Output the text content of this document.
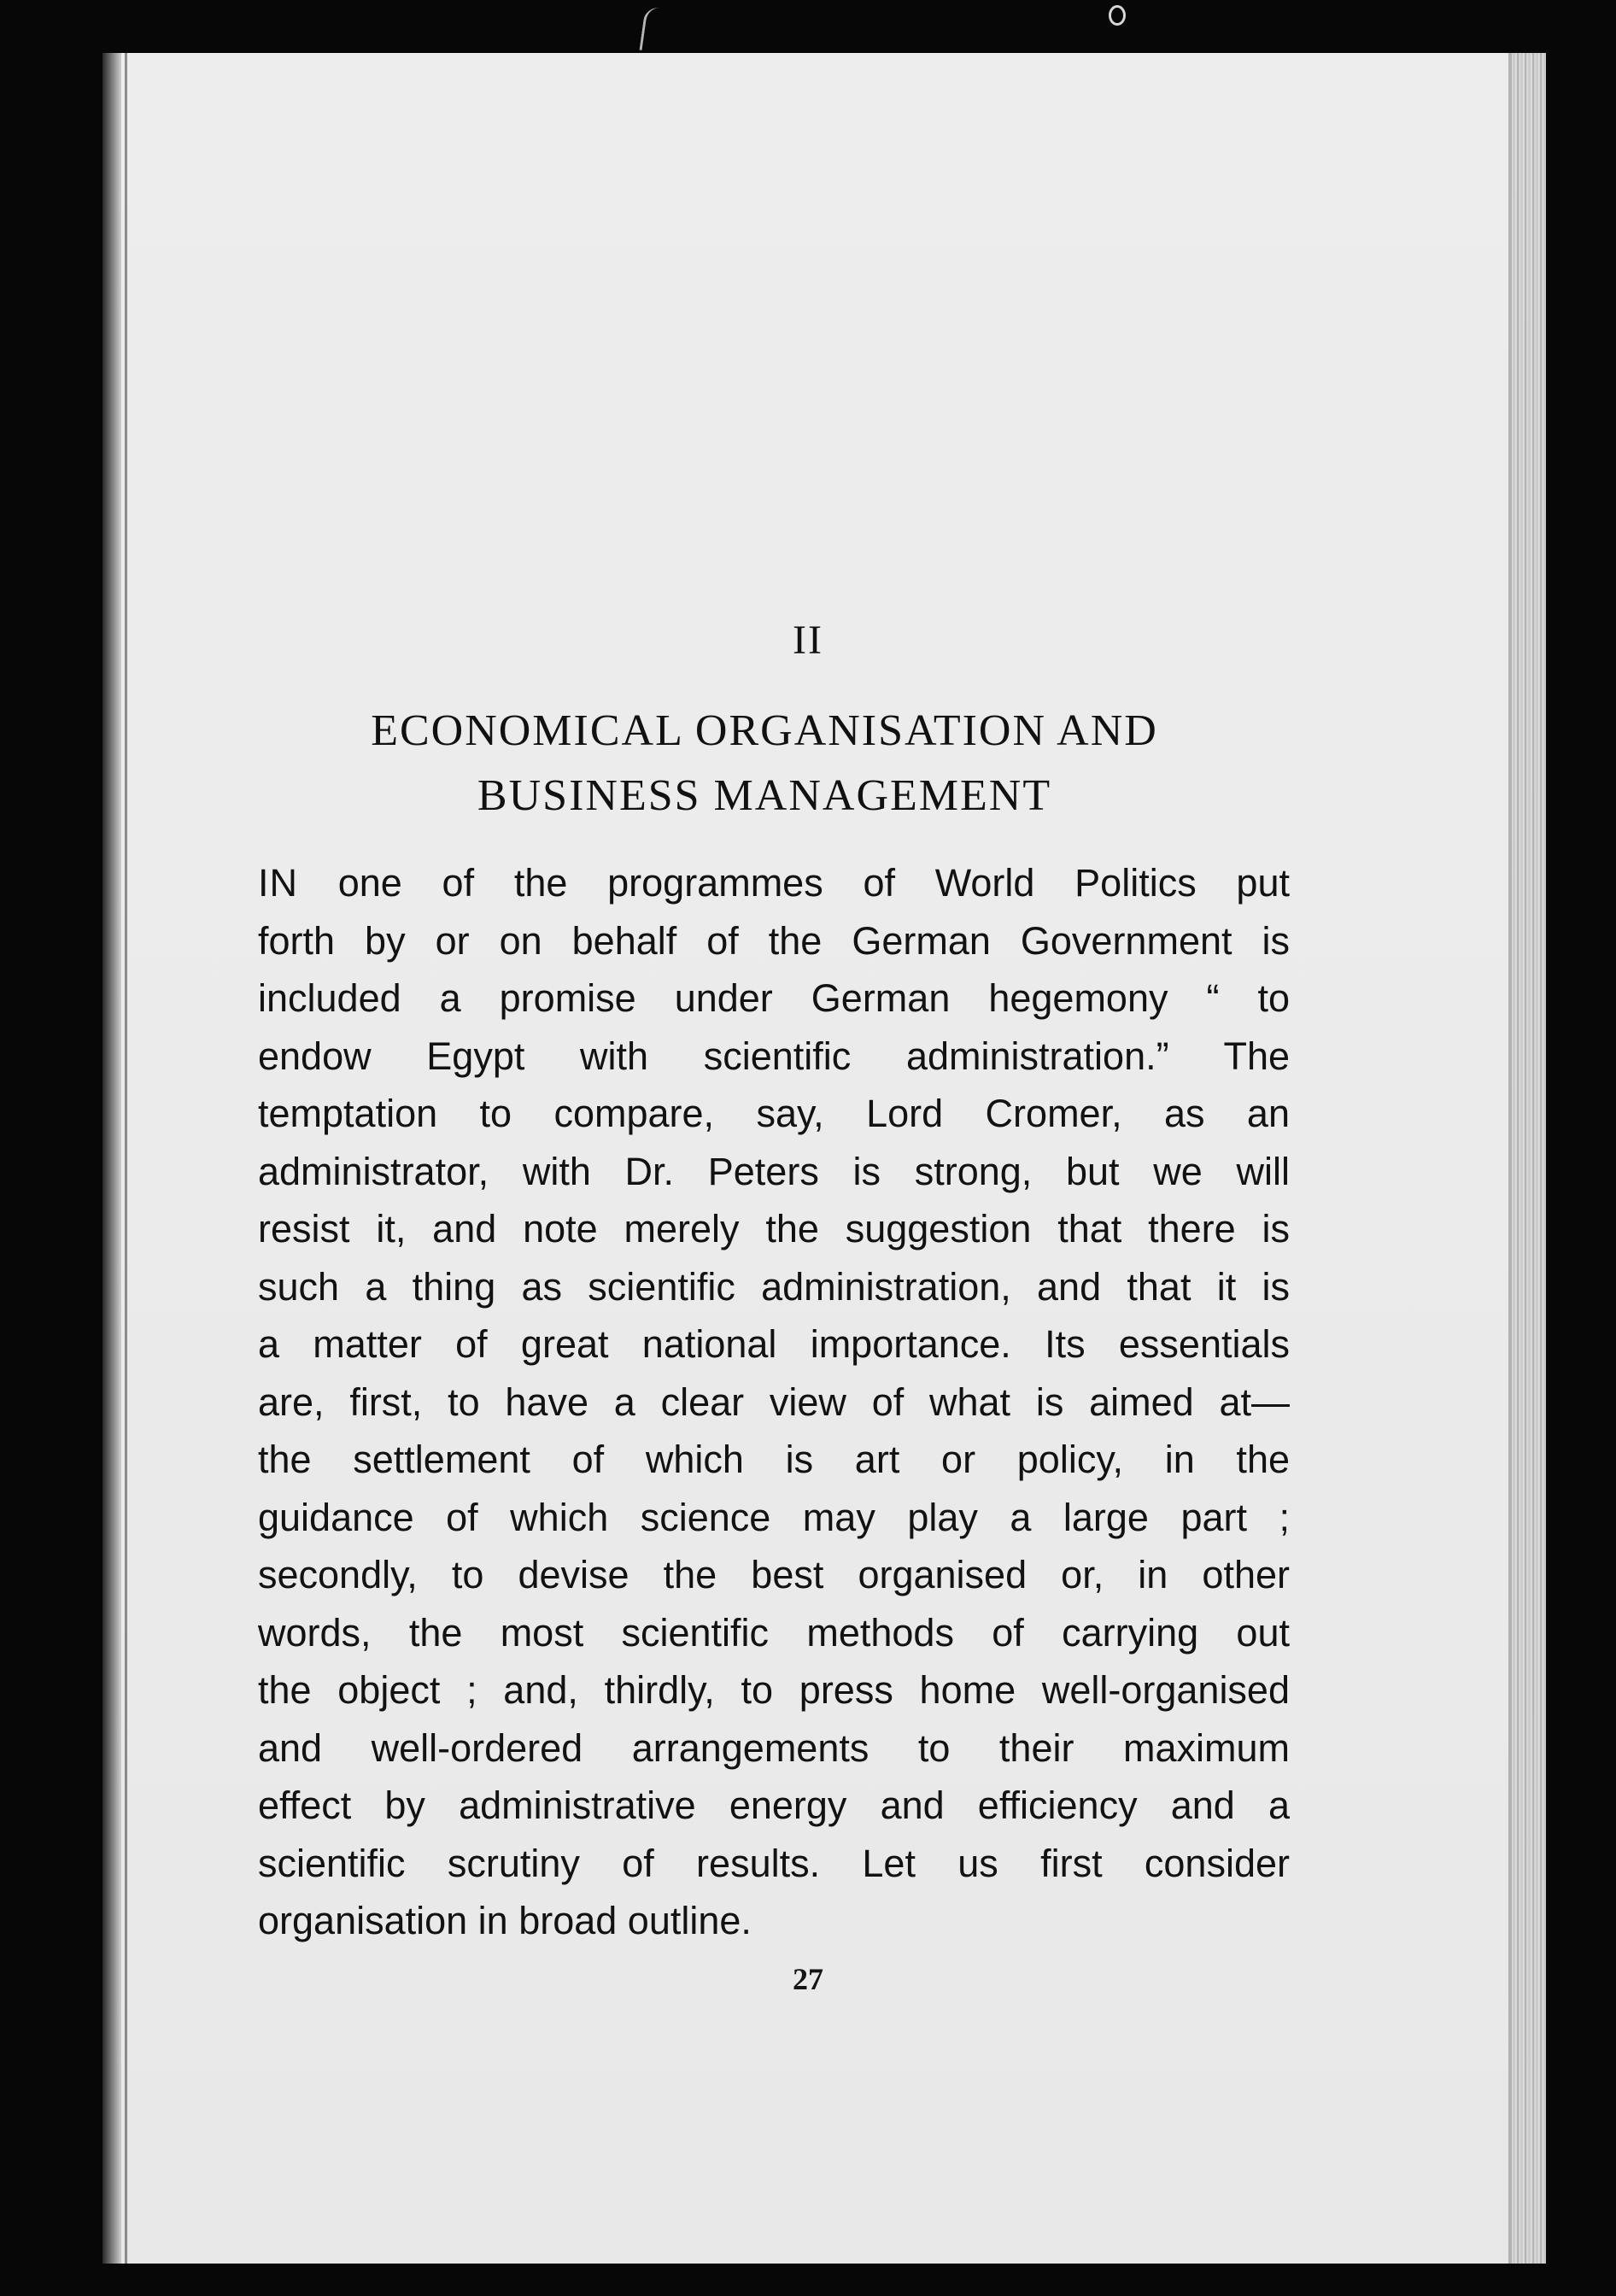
II
ECONOMICAL ORGANISATION AND
BUSINESS MANAGEMENT
IN one of the programmes of World Politics put
forth by or on behalf of the German Government is
included a promise under German hegemony “ to
endow Egypt with scientific administration.” The
temptation to compare, say, Lord Cromer, as an
administrator, with Dr. Peters is strong, but we will
resist it, and note merely the suggestion that there is
such a thing as scientific administration, and that it is
a matter of great national importance. Its essentials
are, first, to have a clear view of what is aimed at—
the settlement of which is art or policy, in the
guidance of which science may play a large part ;
secondly, to devise the best organised or, in other
words, the most scientific methods of carrying out
the object ; and, thirdly, to press home well-organised
and well-ordered arrangements to their maximum
effect by administrative energy and efficiency and a
scientific scrutiny of results. Let us first consider
organisation in broad outline.
27
